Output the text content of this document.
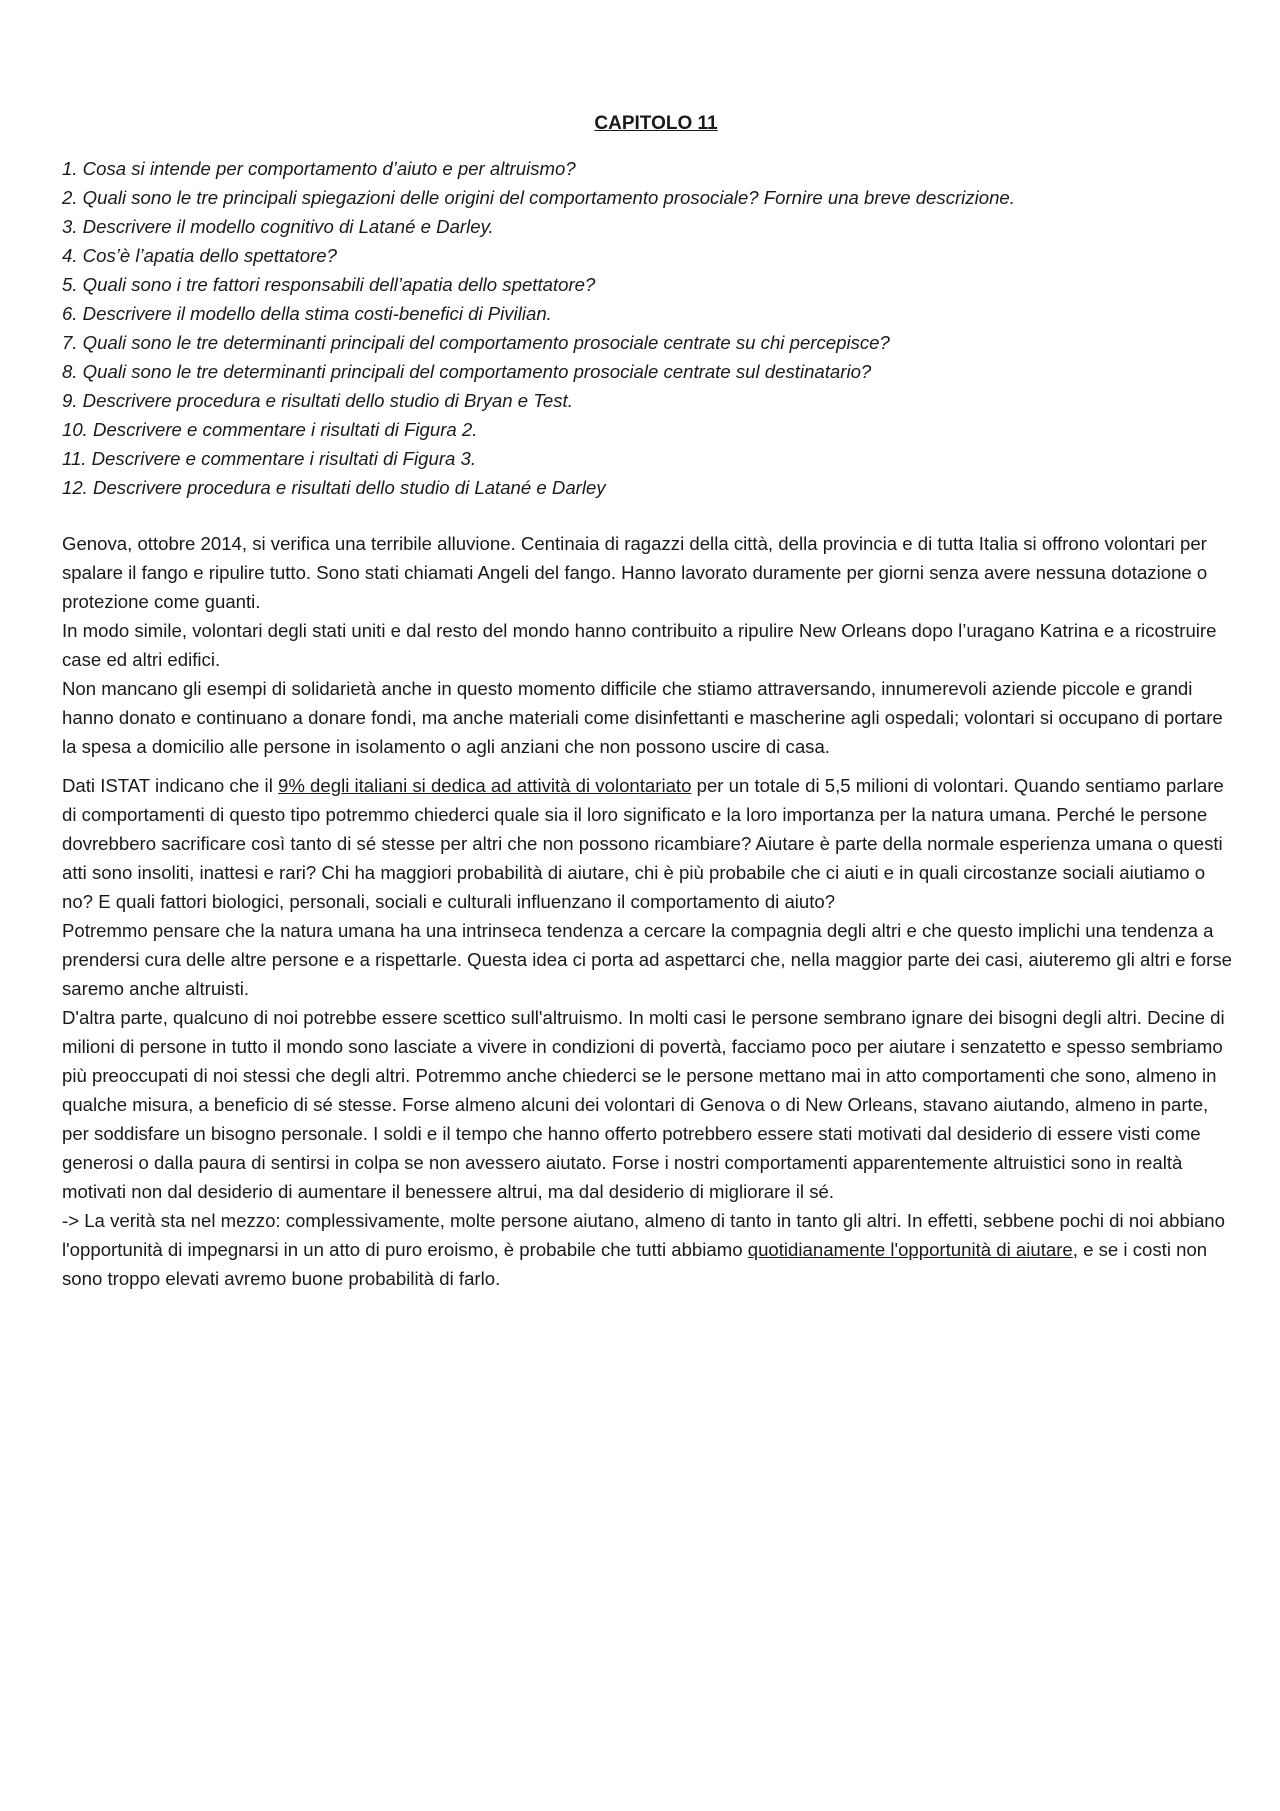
CAPITOLO 11
1. Cosa si intende per comportamento d’aiuto e per altruismo?
2. Quali sono le tre principali spiegazioni delle origini del comportamento prosociale? Fornire una breve descrizione.
3. Descrivere il modello cognitivo di Latané e Darley.
4. Cos’è l’apatia dello spettatore?
5. Quali sono i tre fattori responsabili dell’apatia dello spettatore?
6. Descrivere il modello della stima costi-benefici di Pivilian.
7. Quali sono le tre determinanti principali del comportamento prosociale centrate su chi percepisce?
8. Quali sono le tre determinanti principali del comportamento prosociale centrate sul destinatario?
9. Descrivere procedura e risultati dello studio di Bryan e Test.
10. Descrivere e commentare i risultati di Figura 2.
11. Descrivere e commentare i risultati di Figura 3.
12. Descrivere procedura e risultati dello studio di Latané e Darley

Genova, ottobre 2014, si verifica una terribile alluvione. Centinaia di ragazzi della città, della provincia e di tutta Italia si offrono volontari per spalare il fango e ripulire tutto. Sono stati chiamati Angeli del fango. Hanno lavorato duramente per giorni senza avere nessuna dotazione o protezione come guanti.

In modo simile, volontari degli stati uniti e dal resto del mondo hanno contribuito a ripulire New Orleans dopo l’uragano Katrina e a ricostruire case ed altri edifici.

Non mancano gli esempi di solidarietà anche in questo momento difficile che stiamo attraversando, innumerevoli aziende piccole e grandi hanno donato e continuano a donare fondi, ma anche materiali come disinfettanti e mascherine agli ospedali; volontari si occupano di portare la spesa a domicilio alle persone in isolamento o agli anziani che non possono uscire di casa.

Dati ISTAT indicano che il 9% degli italiani si dedica ad attività di volontariato per un totale di 5,5 milioni di volontari. Quando sentiamo parlare di comportamenti di questo tipo potremmo chiederci quale sia il loro significato e la loro importanza per la natura umana. Perché le persone dovrebbero sacrificare così tanto di sé stesse per altri che non possono ricambiare? Aiutare è parte della normale esperienza umana o questi atti sono insoliti, inattesi e rari? Chi ha maggiori probabilità di aiutare, chi è più probabile che ci aiuti e in quali circostanze sociali aiutiamo o no? E quali fattori biologici, personali, sociali e culturali influenzano il comportamento di aiuto?

Potremmo pensare che la natura umana ha una intrinseca tendenza a cercare la compagnia degli altri e che questo implichi una tendenza a prendersi cura delle altre persone e a rispettarle. Questa idea ci porta ad aspettarci che, nella maggior parte dei casi, aiuteremo gli altri e forse saremo anche altruisti.

D'altra parte, qualcuno di noi potrebbe essere scettico sull'altruismo. In molti casi le persone sembrano ignare dei bisogni degli altri. Decine di milioni di persone in tutto il mondo sono lasciate a vivere in condizioni di povertà, facciamo poco per aiutare i senzatetto e spesso sembriamo più preoccupati di noi stessi che degli altri. Potremmo anche chiederci se le persone mettano mai in atto comportamenti che sono, almeno in qualche misura, a beneficio di sé stesse. Forse almeno alcuni dei volontari di Genova o di New Orleans, stavano aiutando, almeno in parte, per soddisfare un bisogno personale. I soldi e il tempo che hanno offerto potrebbero essere stati motivati dal desiderio di essere visti come generosi o dalla paura di sentirsi in colpa se non avessero aiutato. Forse i nostri comportamenti apparentemente altruistici sono in realtà motivati non dal desiderio di aumentare il benessere altrui, ma dal desiderio di migliorare il sé.

-> La verità sta nel mezzo: complessivamente, molte persone aiutano, almeno di tanto in tanto gli altri. In effetti, sebbene pochi di noi abbiano l'opportunità di impegnarsi in un atto di puro eroismo, è probabile che tutti abbiamo quotidianamente l'opportunità di aiutare, e se i costi non sono troppo elevati avremo buone probabilità di farlo.
